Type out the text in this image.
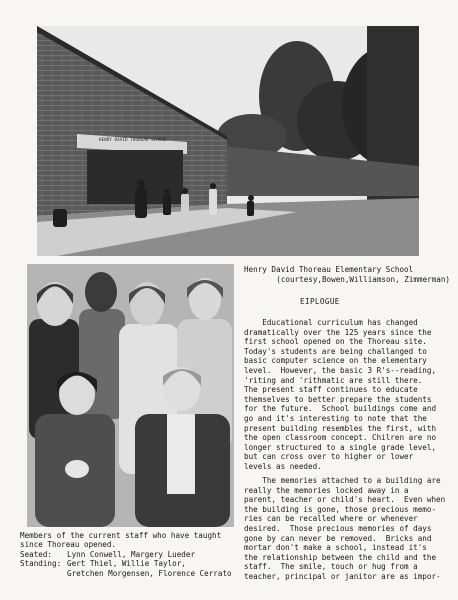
HENRY DAVID THOREAU SCHOOL
Henry David Thoreau Elementary School
(courtesy,Bowen,Williamson, Zimmerman)
EIPLOGUE
Educational curriculum has changed
dramatically over the 125 years since the
first school opened on the Thoreau site.
Today's students are being challanged to
basic computer science on the elementary
level.  However, the basic 3 R's--reading,
'riting and 'rithmatic are still there.
The present staff continues to educate
themselves to better prepare the students
for the future.  School buildings come and
go and it's interesting to note that the
present building resembles the first, with
the open classroom concept. Chilren are no
longer structured to a single grade level,
but can cross over to higher or lower
levels as needed.
The memories attached to a building are
really the memories locked away in a
parent, teacher or child's heart.  Even when
the building is gone, those precious memo-
ries can be recalled where or whenever
desired.  Those precious memories of days
gone by can never be removed.  Bricks and
mortar don't make a school, instead it's
the relationship between the child and the
staff.  The smile, touch or hug from a
teacher, principal or janitor are as impor-
Members of the current staff who have taught
since Thoreau opened.
Seated:	Lynn Conwell, Margery Lueder
Standing: Gert Thiel, Willie Taylor,
Gretchen Morgensen, Florence Cerrato
